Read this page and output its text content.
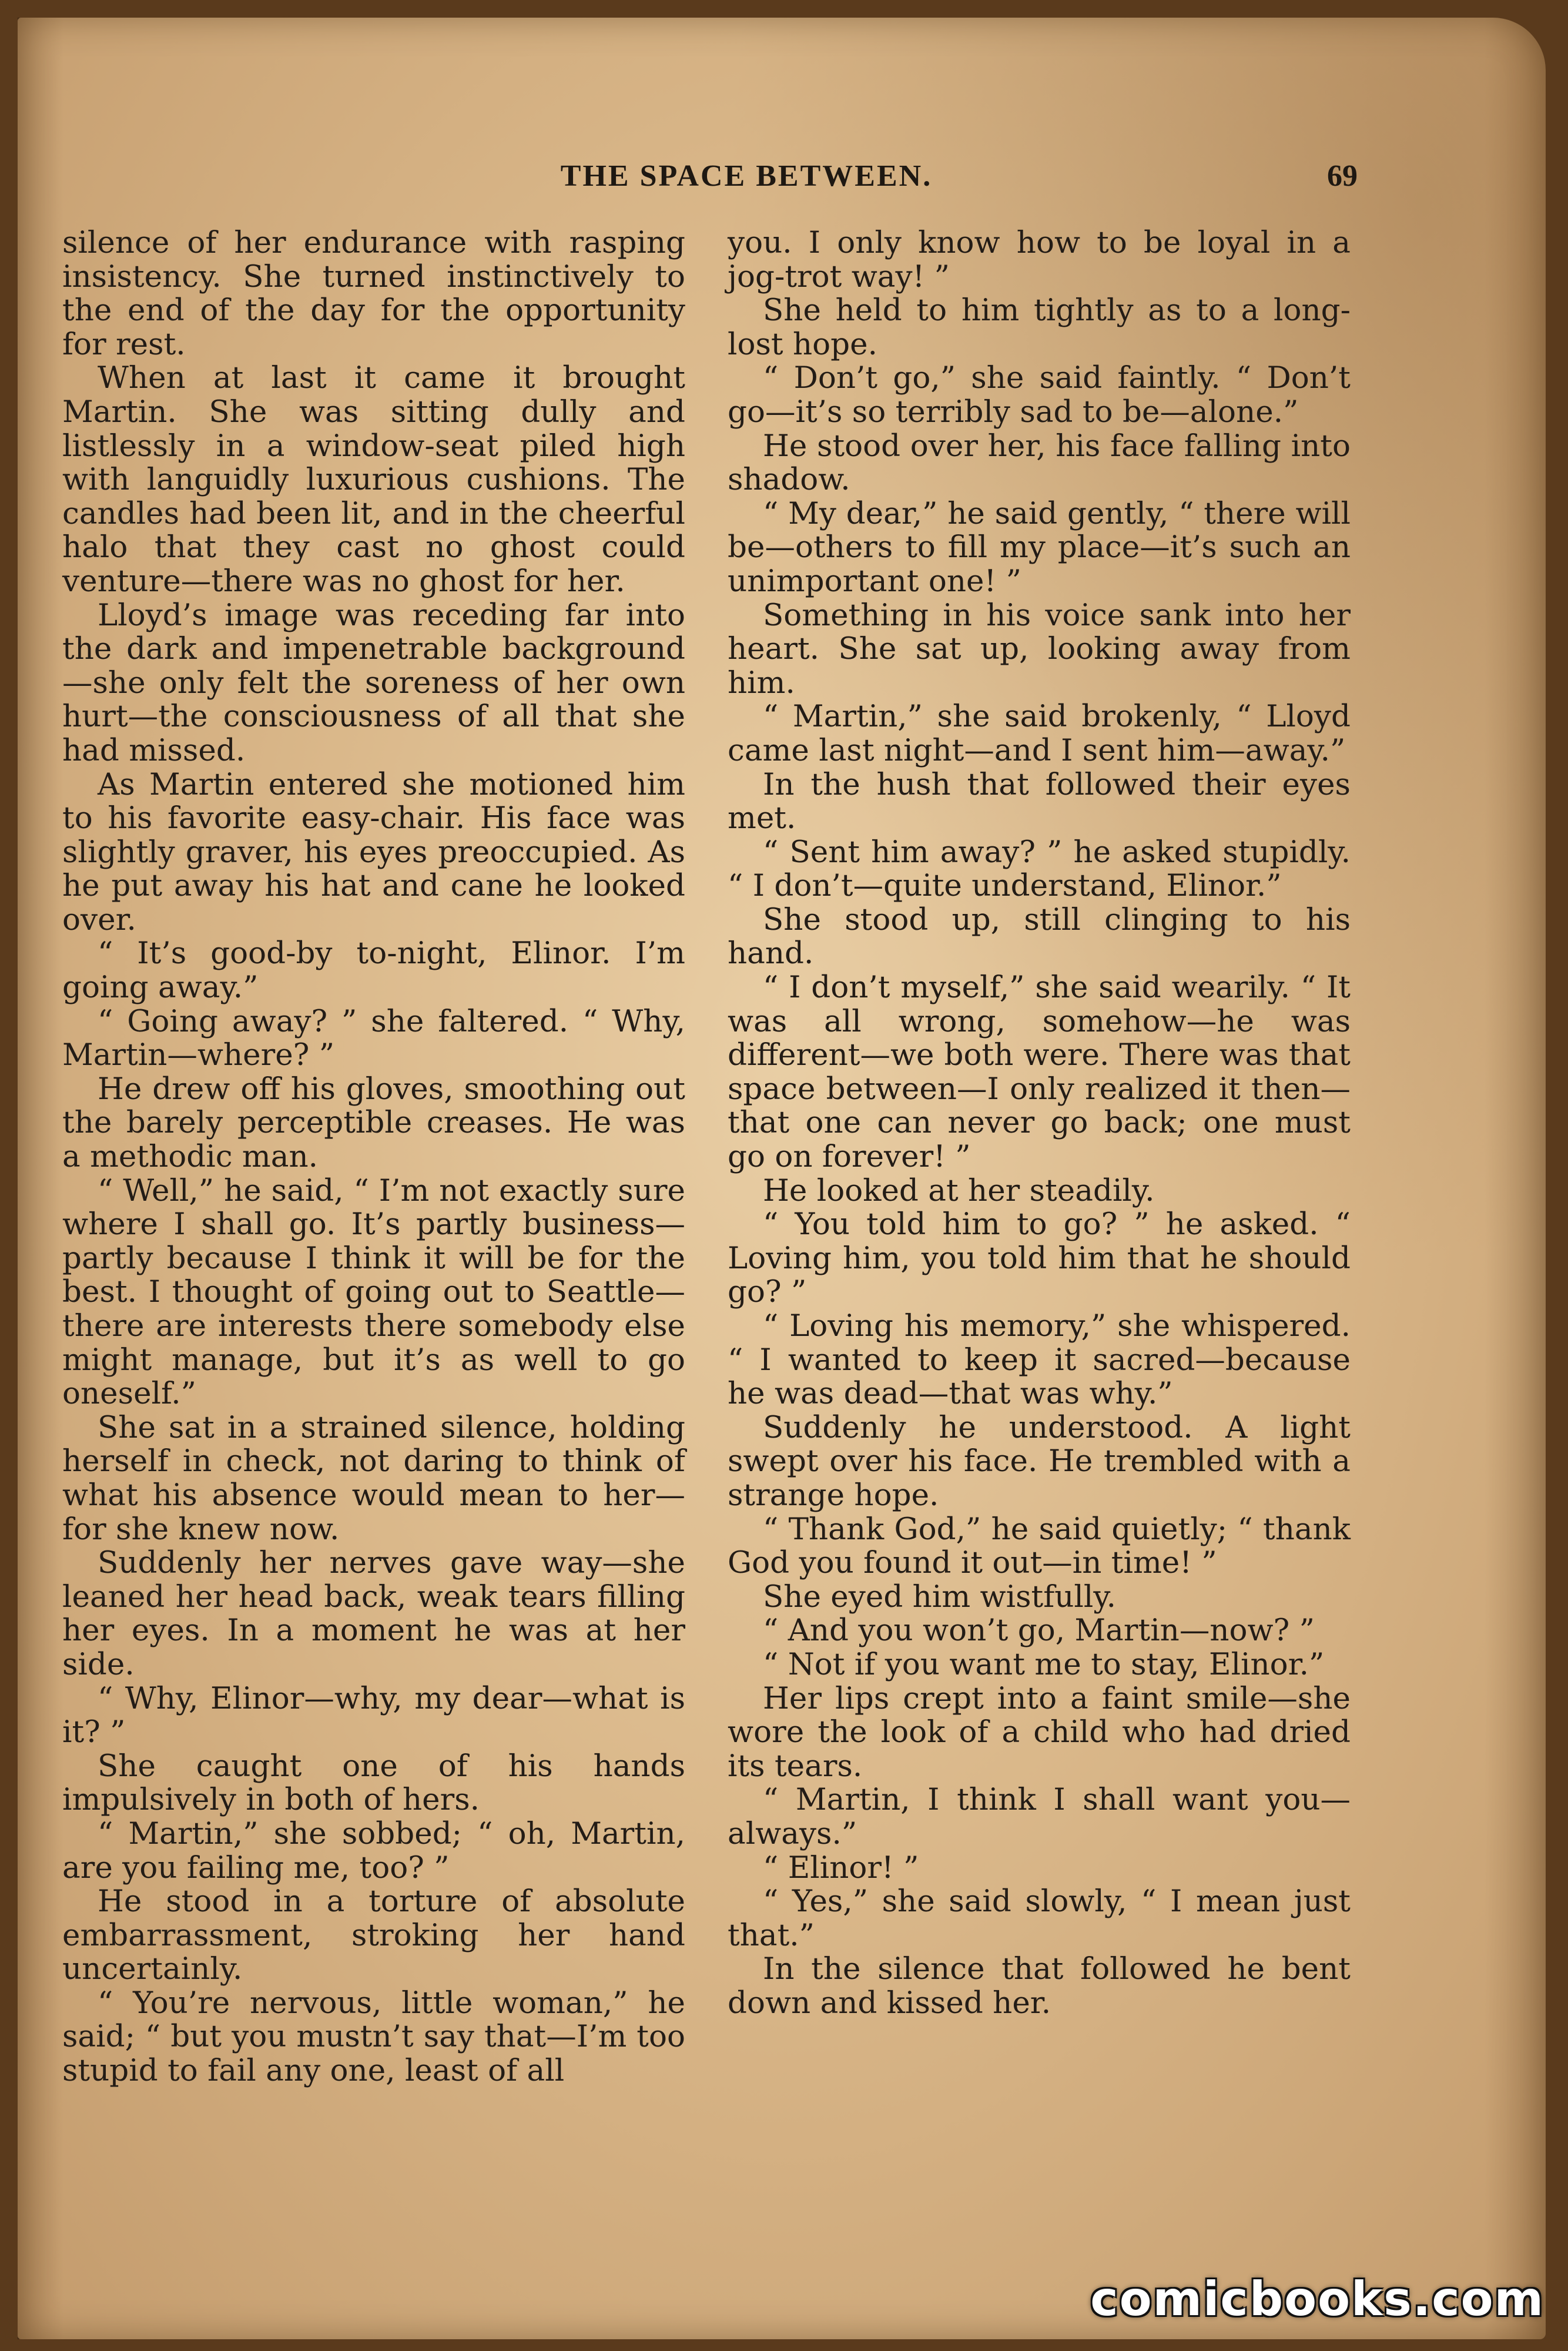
THE SPACE BETWEEN.	69

silence of her endurance with rasping insistency. She turned instinctively to the end of the day for the opportunity for rest.

When at last it came it brought Martin. She was sitting dully and listlessly in a window-seat piled high with languidly luxurious cushions. The candles had been lit, and in the cheerful halo that they cast no ghost could venture—there was no ghost for her.

Lloyd’s image was receding far into the dark and impenetrable background —she only felt the soreness of her own hurt—the consciousness of all that she had missed.

As Martin entered she motioned him to his favorite easy-chair. His face was slightly graver, his eyes preoccupied. As he put away his hat and cane he looked over.

“ It’s good-by to-night, Elinor. I’m going away.”

“ Going away? ” she faltered. “ Why, Martin—where? ”

He drew off his gloves, smoothing out the barely perceptible creases. He was a methodic man.

“ Well,” he said, “ I’m not exactly sure where I shall go. It’s partly business—partly because I think it will be for the best. I thought of going out to Seattle—there are interests there somebody else might manage, but it’s as well to go oneself.”

She sat in a strained silence, holding herself in check, not daring to think of what his absence would mean to her—for she knew now.

Suddenly her nerves gave way—she leaned her head back, weak tears filling her eyes. In a moment he was at her side.

“ Why, Elinor—why, my dear—what is it? ”

She caught one of his hands impulsively in both of hers.

“ Martin,” she sobbed; “ oh, Martin, are you failing me, too? ”

He stood in a torture of absolute embarrassment, stroking her hand uncertainly.

“ You’re nervous, little woman,” he said; “ but you mustn’t say that—I’m too stupid to fail any one, least of all

you. I only know how to be loyal in a jog-trot way! ”

She held to him tightly as to a long-lost hope.

“ Don’t go,” she said faintly. “ Don’t go—it’s so terribly sad to be—alone.”

He stood over her, his face falling into shadow.

“ My dear,” he said gently, “ there will be—others to fill my place—it’s such an unimportant one! ”

Something in his voice sank into her heart. She sat up, looking away from him.

“ Martin,” she said brokenly, “ Lloyd came last night—and I sent him—away.”

In the hush that followed their eyes met.

“ Sent him away? ” he asked stupidly. “ I don’t—quite understand, Elinor.”

She stood up, still clinging to his hand.

“ I don’t myself,” she said wearily. “ It was all wrong, somehow—he was different—we both were. There was that space between—I only realized it then—that one can never go back; one must go on forever! ”

He looked at her steadily.

“ You told him to go? ” he asked. “ Loving him, you told him that he should go? ”

“ Loving his memory,” she whispered. “ I wanted to keep it sacred—because he was dead—that was why.”

Suddenly he understood. A light swept over his face. He trembled with a strange hope.

“ Thank God,” he said quietly; “ thank God you found it out—in time! ”

She eyed him wistfully.

“ And you won’t go, Martin—now? ”

“ Not if you want me to stay, Elinor.”

Her lips crept into a faint smile—she wore the look of a child who had dried its tears.

“ Martin, I think I shall want you—always.”

“ Elinor! ”

“ Yes,” she said slowly, “ I mean just that.”

In the silence that followed he bent down and kissed her.

comicbooks.com
